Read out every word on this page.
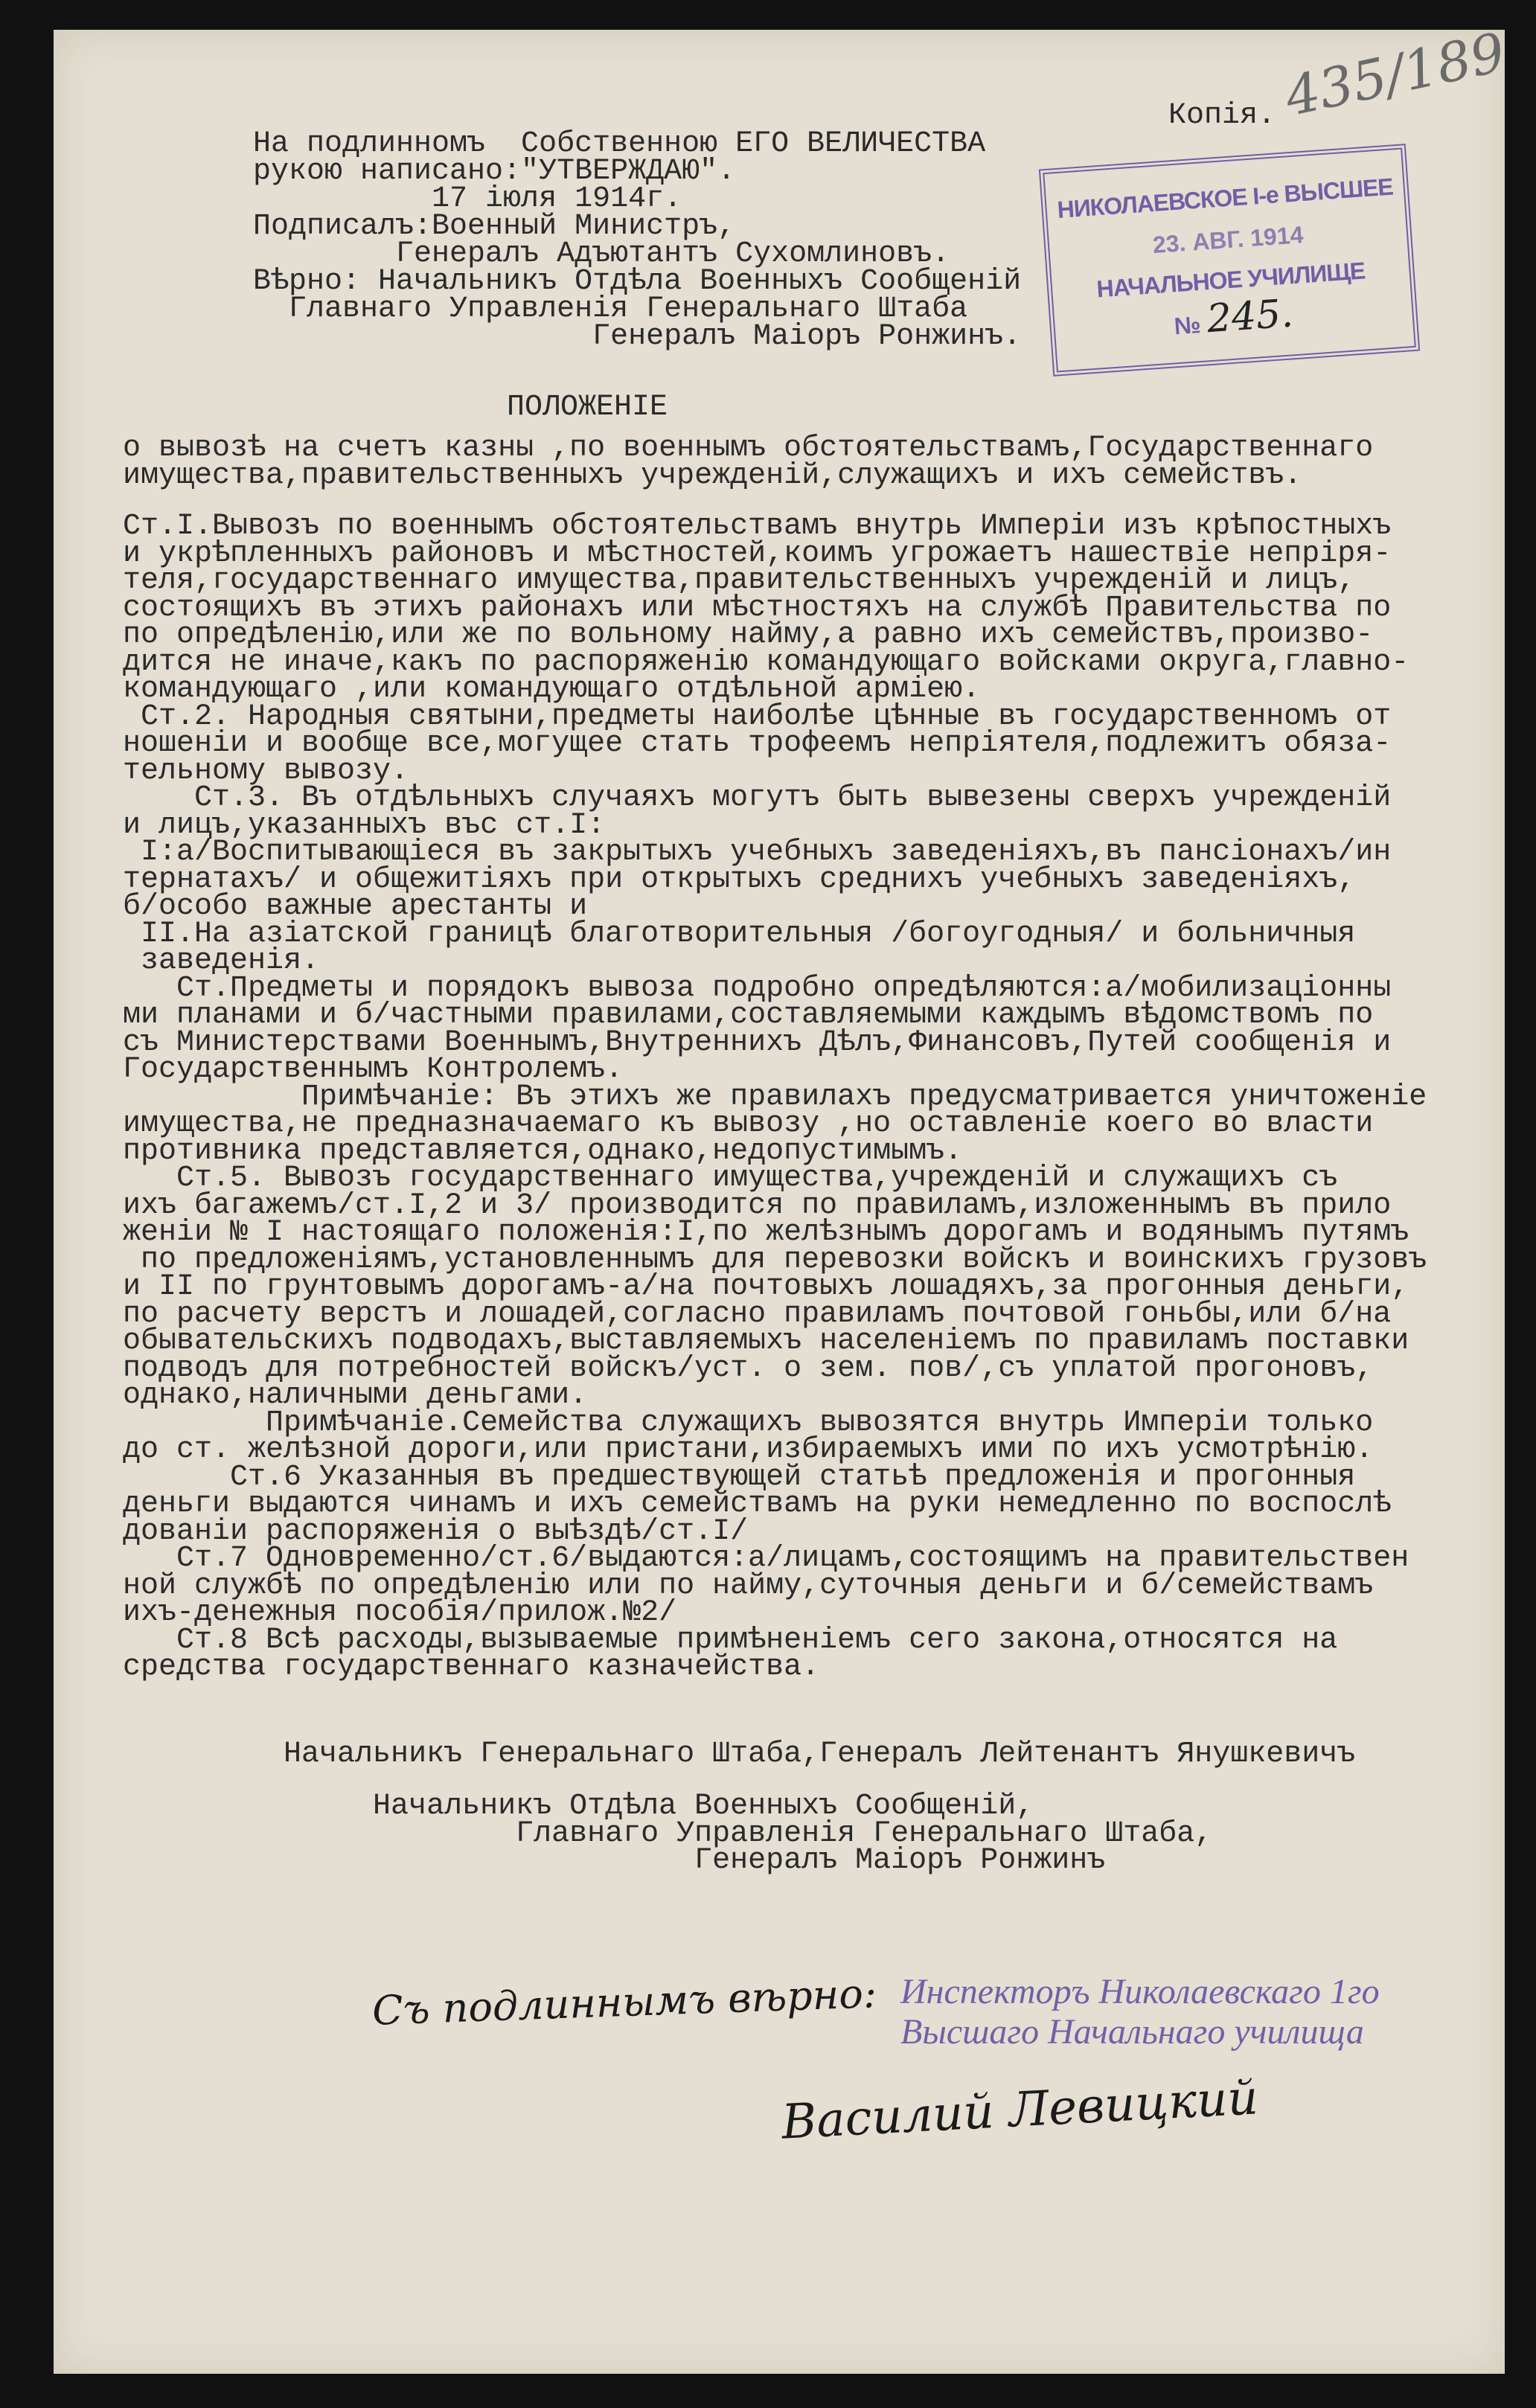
Копія. 435/189
На подлинномъ  Собственною ЕГО ВЕЛИЧЕСТВА
рукою написано:"УТВЕРЖДАЮ".
17 іюля 1914г.
Подписалъ:Военный Министръ,
Генералъ Адъютантъ Сухомлиновъ.
Вѣрно: Начальникъ Отдѣла Военныхъ Сообщеній
Главнаго Управленія Генеральнаго Штаба
Генералъ Маіоръ Ронжинъ.
НИКОЛАЕВСКОЕ I-е ВЫСШЕЕ
23. АВГ. 1914
НАЧАЛЬНОЕ УЧИЛИЩЕ
№ 245.
ПОЛОЖЕНІЕ
о вывозѣ на счетъ казны ,по военнымъ обстоятельствамъ,Государственнаго
имущества,правительственныхъ учрежденій,служащихъ и ихъ семействъ.
Ст.I.Вывозъ по военнымъ обстоятельствамъ внутрь Имперіи изъ крѣпостныхъ
и укрѣпленныхъ районовъ и мѣстностей,коимъ угрожаетъ нашествіе непріря-
теля,государственнаго имущества,правительственныхъ учрежденій и лицъ,
состоящихъ въ этихъ районахъ или мѣстностяхъ на службѣ Правительства по
по опредѣленію,или же по вольному найму,а равно ихъ семействъ,произво-
дится не иначе,какъ по распоряженію командующаго войсками округа,главно-
командующаго ,или командующаго отдѣльной арміею.
Ст.2. Народныя святыни,предметы наиболѣе цѣнные въ государственномъ от
ношеніи и вообще все,могущее стать трофеемъ непріятеля,подлежитъ обяза-
тельному вывозу.
Ст.3. Въ отдѣльныхъ случаяхъ могутъ быть вывезены сверхъ учрежденій
и лицъ,указанныхъ въс ст.I:
I:а/Воспитывающіеся въ закрытыхъ учебныхъ заведеніяхъ,въ пансіонахъ/ин
тернатахъ/ и общежитіяхъ при открытыхъ среднихъ учебныхъ заведеніяхъ,
б/особо важные арестанты и
II.На азіатской границѣ благотворительныя /богоугодныя/ и больничныя
заведенія.
Ст.Предметы и порядокъ вывоза подробно опредѣляются:а/мобилизаціонны
ми планами и б/частными правилами,составляемыми каждымъ вѣдомствомъ по
съ Министерствами Военнымъ,Внутреннихъ Дѣлъ,Финансовъ,Путей сообщенія и
Государственнымъ Контролемъ.
Примѣчаніе: Въ этихъ же правилахъ предусматривается уничтоженіе
имущества,не предназначаемаго къ вывозу ,но оставленіе коего во власти
противника представляется,однако,недопустимымъ.
Ст.5. Вывозъ государственнаго имущества,учрежденій и служащихъ съ
ихъ багажемъ/ст.I,2 и 3/ производится по правиламъ,изложеннымъ въ прило
женіи № I настоящаго положенія:I,по желѣзнымъ дорогамъ и водянымъ путямъ
по предложеніямъ,установленнымъ для перевозки войскъ и воинскихъ грузовъ
и II по грунтовымъ дорогамъ-а/на почтовыхъ лошадяхъ,за прогонныя деньги,
по расчету верстъ и лошадей,согласно правиламъ почтовой гоньбы,или б/на
обывательскихъ подводахъ,выставляемыхъ населеніемъ по правиламъ поставки
подводъ для потребностей войскъ/уст. о зем. пов/,съ уплатой прогоновъ,
однако,наличными деньгами.
Примѣчаніе.Семейства служащихъ вывозятся внутрь Имперіи только
до ст. желѣзной дороги,или пристани,избираемыхъ ими по ихъ усмотрѣнію.
Ст.6 Указанныя въ предшествующей статьѣ предложенія и прогонныя
деньги выдаются чинамъ и ихъ семействамъ на руки немедленно по воспослѣ
дованіи распоряженія о выѣздѣ/ст.I/
Ст.7 Одновременно/ст.6/выдаются:а/лицамъ,состоящимъ на правительствен
ной службѣ по опредѣленію или по найму,суточныя деньги и б/семействамъ
ихъ-денежныя пособія/прилож.№2/
Ст.8 Всѣ расходы,вызываемые примѣненіемъ сего закона,относятся на
средства государственнаго казначейства.
Начальникъ Генеральнаго Штаба,Генералъ Лейтенантъ Янушкевичъ
Начальникъ Отдѣла Военныхъ Сообщеній,
Главнаго Управленія Генеральнаго Штаба,
Генералъ Маіоръ Ронжинъ
Съ подлиннымъ вѣрно: Инспекторъ Николаевскаго 1го
Высшаго Начальнаго училища
Василий Левицкий
